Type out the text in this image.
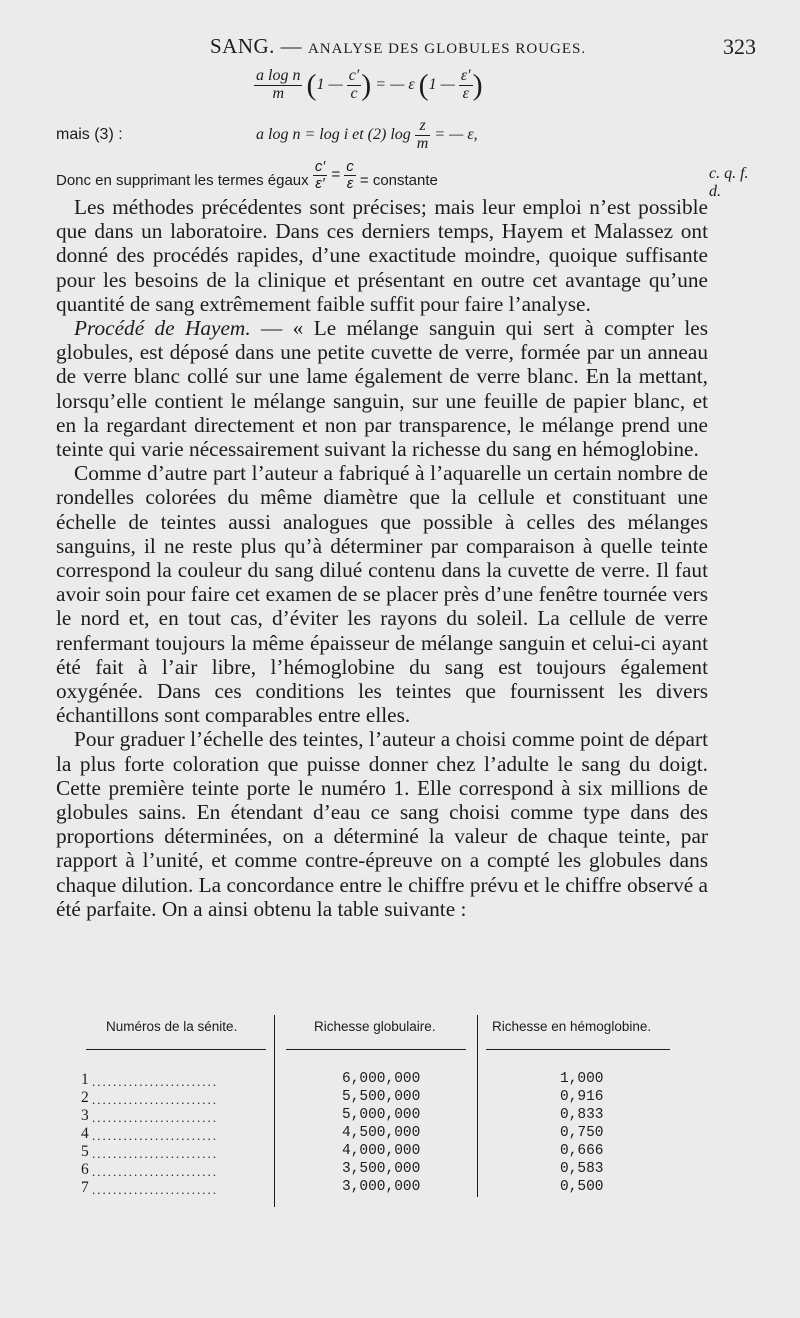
SANG. — ANALYSE DES GLOBULES ROUGES.	323
$\frac{\text{a log n}}{m} (1$ — $\frac{c'}{c}$ ) = — ε (1 — $\frac{\varepsilon'}{\varepsilon}$ )
mais (3) :	a log n = log i et (2) $\log \frac{z}{m}$ = — ε,
Donc en supprimant les termes égaux $\frac{c'}{\varepsilon'} = \frac{c}{\varepsilon}$ = constante	c. q. f. d.

Les méthodes précédentes sont précises; mais leur emploi n’est possible que dans un laboratoire. Dans ces derniers temps, Hayem et Malassez ont donné des procédés rapides, d’une exactitude moindre, quoique suffisante pour les besoins de la clinique et présentant en outre cet avantage qu’une quantité de sang extrêmement faible suffit pour faire l’analyse.

Procédé de Hayem. — « Le mélange sanguin qui sert à compter les globules, est déposé dans une petite cuvette de verre, formée par un anneau de verre blanc collé sur une lame également de verre blanc. En la mettant, lorsqu’elle contient le mélange sanguin, sur une feuille de papier blanc, et en la regardant directement et non par transparence, le mélange prend une teinte qui varie nécessairement suivant la richesse du sang en hémoglobine.

Comme d’autre part l’auteur a fabriqué à l’aquarelle un certain nombre de rondelles colorées du même diamètre que la cellule et constituant une échelle de teintes aussi analogues que possible à celles des mélanges sanguins, il ne reste plus qu’à déterminer par comparaison à quelle teinte correspond la couleur du sang dilué contenu dans la cuvette de verre. Il faut avoir soin pour faire cet examen de se placer près d’une fenêtre tournée vers le nord et, en tout cas, d’éviter les rayons du soleil. La cellule de verre renfermant toujours la même épaisseur de mélange sanguin et celui-ci ayant été fait à l’air libre, l’hémoglobine du sang est toujours également oxygénée. Dans ces conditions les teintes que fournissent les divers échantillons sont comparables entre elles.

Pour graduer l’échelle des teintes, l’auteur a choisi comme point de départ la plus forte coloration que puisse donner chez l’adulte le sang du doigt. Cette première teinte porte le numéro 1. Elle correspond à six millions de globules sains. En étendant d’eau ce sang choisi comme type dans des proportions déterminées, on a déterminé la valeur de chaque teinte, par rapport à l’unité, et comme contre-épreuve on a compté les globules dans chaque dilution. La concordance entre le chiffre prévu et le chiffre observé a été parfaite. On a ainsi obtenu la table suivante :

Numéros de la sénite.	Richesse globulaire.	Richesse en hémoglobine.
1 ........................	6,000,000	1,000
2 ........................	5,500,000	0,916
3 ........................	5,000,000	0,833
4 ........................	4,500,000	0,750
5 ........................	4,000,000	0,666
6 ........................	3,500,000	0,583
7 ........................	3,000,000	0,500
